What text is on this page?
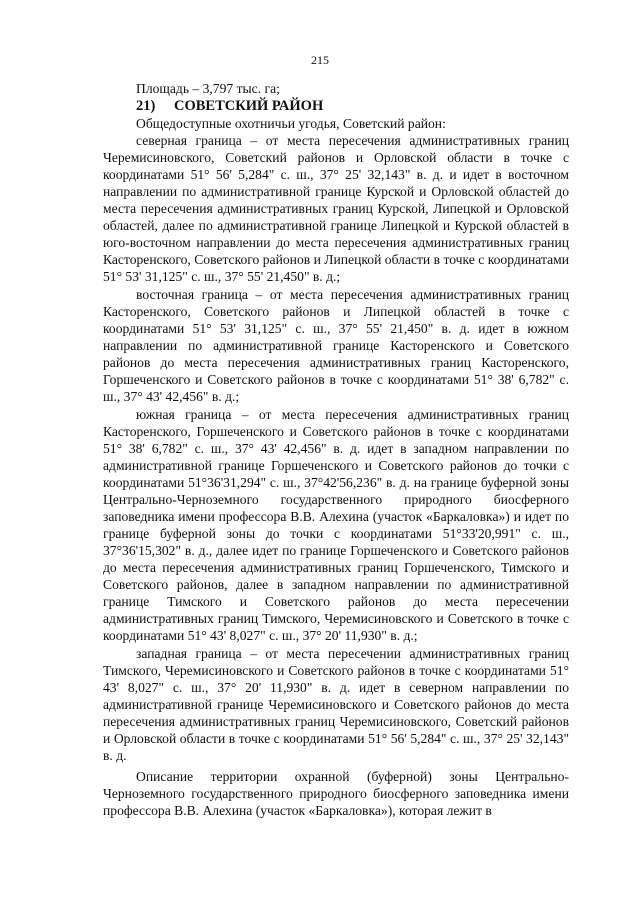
215

Площадь – 3,797 тыс. га;

21) СОВЕТСКИЙ РАЙОН

Общедоступные охотничьи угодья, Советский район:

северная граница – от места пересечения административных границ Черемисиновского, Советский районов и Орловской области в точке с координатами 51° 56' 5,284" с. ш., 37° 25' 32,143" в. д. и идет в восточном направлении по административной границе Курской и Орловской областей до места пересечения административных границ Курской, Липецкой и Орловской областей, далее по административной границе Липецкой и Курской областей в юго-восточном направлении до места пересечения административных границ Касторенского, Советского районов и Липецкой области в точке с координатами 51° 53' 31,125" с. ш., 37° 55' 21,450" в. д.;

восточная граница – от места пересечения административных границ Касторенского, Советского районов и Липецкой областей в точке с координатами 51° 53' 31,125" с. ш., 37° 55' 21,450" в. д. идет в южном направлении по административной границе Касторенского и Советского районов до места пересечения административных границ Касторенского, Горшеченского и Советского районов в точке с координатами 51° 38' 6,782" с. ш., 37° 43' 42,456" в. д.;

южная граница – от места пересечения административных границ Касторенского, Горшеченского и Советского районов в точке с координатами 51° 38' 6,782" с. ш., 37° 43' 42,456" в. д. идет в западном направлении по административной границе Горшеченского и Советского районов до точки с координатами 51°36'31,294" с. ш., 37°42'56,236" в. д. на границе буферной зоны Центрально-Черноземного государственного природного биосферного заповедника имени профессора В.В. Алехина (участок «Баркаловка») и идет по границе буферной зоны до точки с координатами 51°33'20,991" с. ш., 37°36'15,302" в. д., далее идет по границе Горшеченского и Советского районов до места пересечения административных границ Горшеченского, Тимского и Советского районов, далее в западном направлении по административной границе Тимского и Советского районов до места пересечении административных границ Тимского, Черемисиновского и Советского в точке с координатами 51° 43' 8,027" с. ш., 37° 20' 11,930" в. д.;

западная граница – от места пересечении административных границ Тимского, Черемисиновского и Советского районов в точке с координатами 51° 43' 8,027" с. ш., 37° 20' 11,930" в. д. идет в северном направлении по административной границе Черемисиновского и Советского районов до места пересечения административных границ Черемисиновского, Советский районов и Орловской области в точке с координатами 51° 56' 5,284" с. ш., 37° 25' 32,143" в. д.

Описание территории охранной (буферной) зоны Центрально-Черноземного государственного природного биосферного заповедника имени профессора В.В. Алехина (участок «Баркаловка»), которая лежит в
